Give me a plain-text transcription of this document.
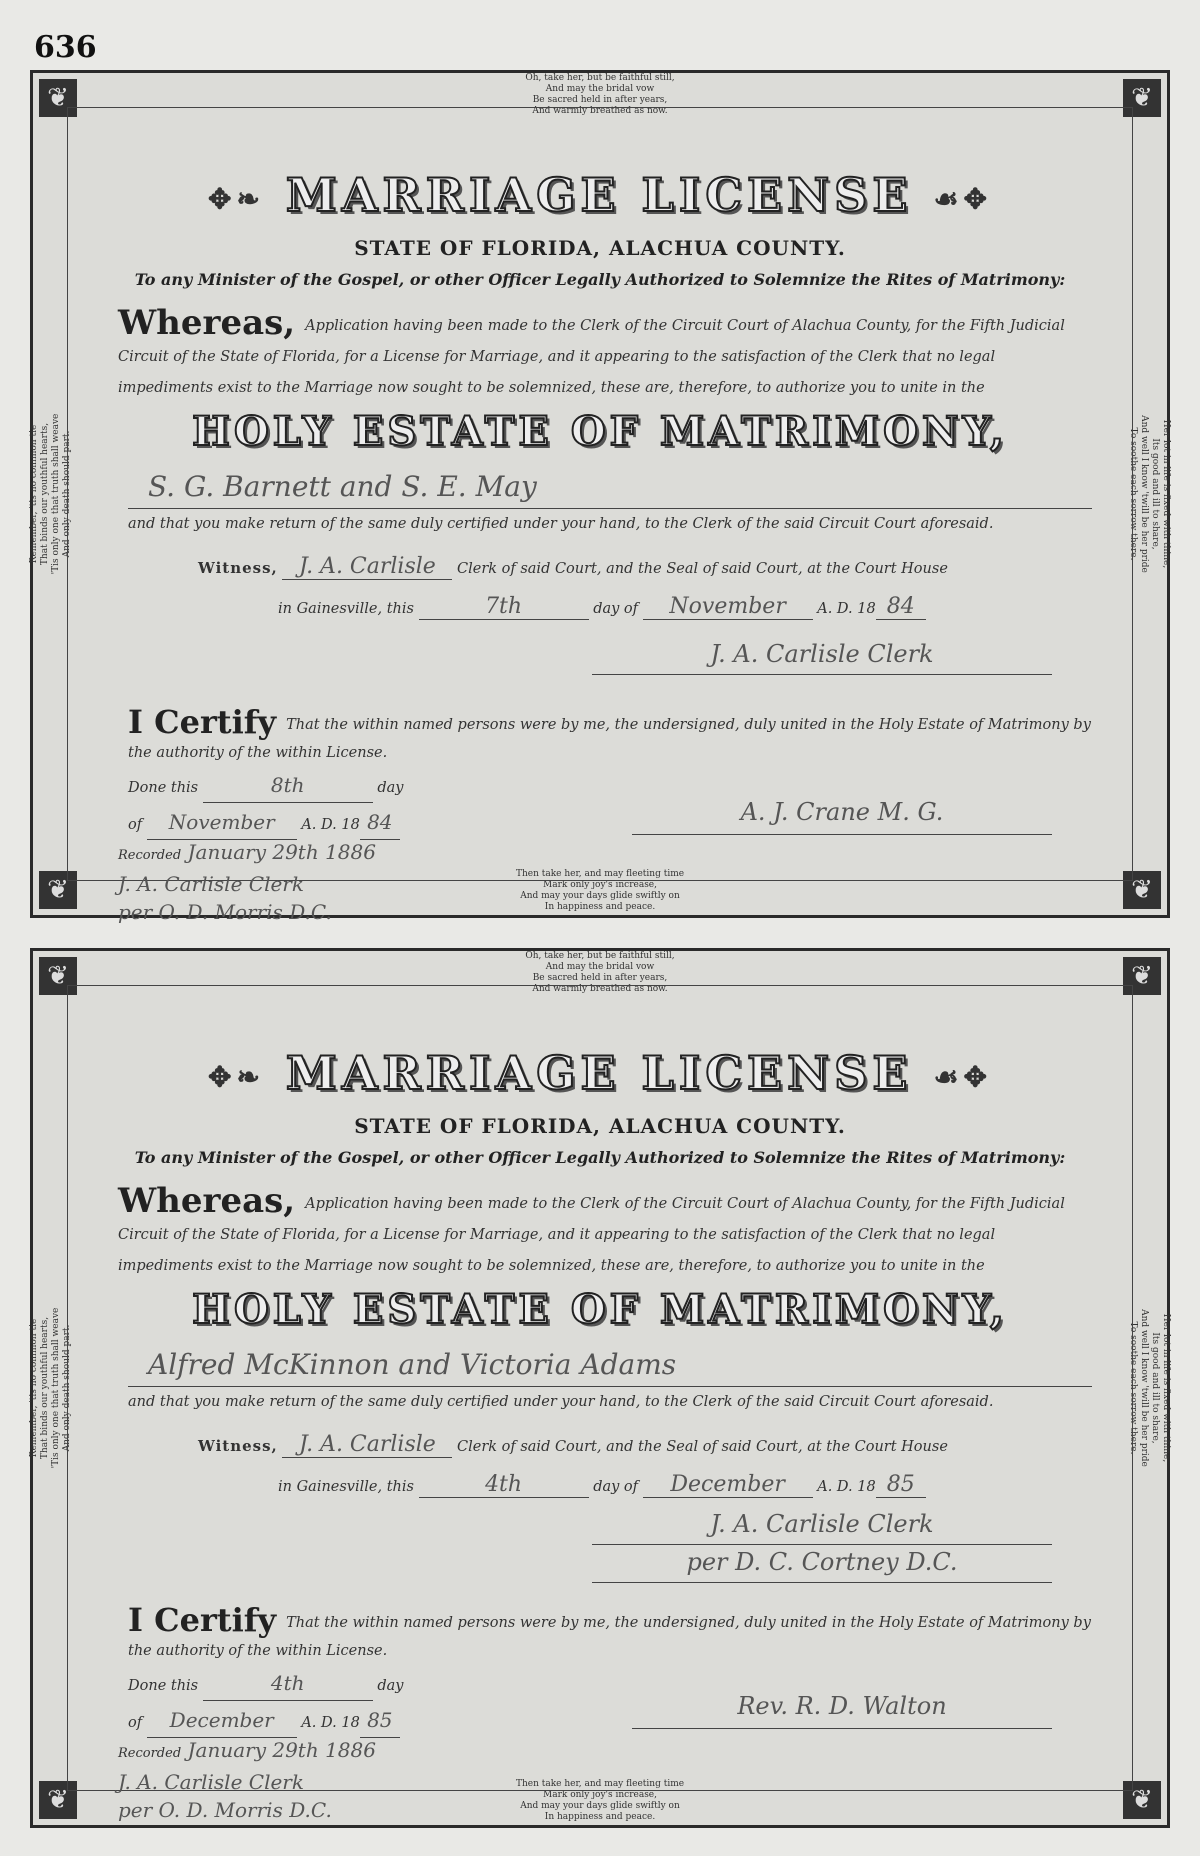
636
❦	❦
❦	❦
Oh, take her, but be faithful still,
And may the bridal vow
Be sacred held in after years,
And warmly breathed as now.
Then take her, and may fleeting time
Mark only joy's increase,
And may your days glide swiftly on
In happiness and peace.
Remember, 'tis no common tie
That binds our youthful hearts,
'Tis only one that truth shall weave
And only death should part.
Her lot in life is fixed with thine,
Its good and ill to share,
And well I know 'twill be her pride
To soothe each sorrow there.
✥❧ MARRIAGE LICENSE ☙✥
STATE OF FLORIDA, ALACHUA COUNTY.
To any Minister of the Gospel, or other Officer Legally Authorized to Solemnize the Rites of Matrimony:
Whereas, Application having been made to the Clerk of the Circuit Court of Alachua County, for the Fifth Judicial Circuit of the State of Florida, for a License for Marriage, and it appearing to the satisfaction of the Clerk that no legal impediments exist to the Marriage now sought to be solemnized, these are, therefore, to authorize you to unite in the
HOLY ESTATE OF MATRIMONY,
S. G. Barnett and S. E. May
and that you make return of the same duly certified under your hand, to the Clerk of the said Circuit Court aforesaid.
Witness, J. A. Carlisle Clerk of said Court, and the Seal of said Court, at the Court House
in Gainesville, this	7th	day of November A. D. 18 84
J. A. Carlisle Clerk
I Certify That the within named persons were by me, the undersigned, duly united in the Holy Estate of Matrimony by the authority of the within License.
Done this	8th	day
of November A. D. 18 84	A. J. Crane M. G.
Recorded January 29th 1886
J. A. Carlisle Clerk
per O. D. Morris D.C.
❦	❦
❦	❦
Oh, take her, but be faithful still,
And may the bridal vow
Be sacred held in after years,
And warmly breathed as now.
Then take her, and may fleeting time
Mark only joy's increase,
And may your days glide swiftly on
In happiness and peace.
Remember, 'tis no common tie
That binds our youthful hearts,
'Tis only one that truth shall weave
And only death should part.
Her lot in life is fixed with thine,
Its good and ill to share,
And well I know 'twill be her pride
To soothe each sorrow there.
✥❧ MARRIAGE LICENSE ☙✥
STATE OF FLORIDA, ALACHUA COUNTY.
To any Minister of the Gospel, or other Officer Legally Authorized to Solemnize the Rites of Matrimony:
Whereas, Application having been made to the Clerk of the Circuit Court of Alachua County, for the Fifth Judicial Circuit of the State of Florida, for a License for Marriage, and it appearing to the satisfaction of the Clerk that no legal impediments exist to the Marriage now sought to be solemnized, these are, therefore, to authorize you to unite in the
HOLY ESTATE OF MATRIMONY,
Alfred McKinnon and Victoria Adams
and that you make return of the same duly certified under your hand, to the Clerk of the said Circuit Court aforesaid.
Witness, J. A. Carlisle Clerk of said Court, and the Seal of said Court, at the Court House
in Gainesville, this	4th	day of December A. D. 18 85
J. A. Carlisle Clerk
per D. C. Cortney D.C.
I Certify That the within named persons were by me, the undersigned, duly united in the Holy Estate of Matrimony by the authority of the within License.
Done this	4th	day
of December A. D. 18 85	Rev. R. D. Walton
Recorded January 29th 1886
J. A. Carlisle Clerk
per O. D. Morris D.C.
